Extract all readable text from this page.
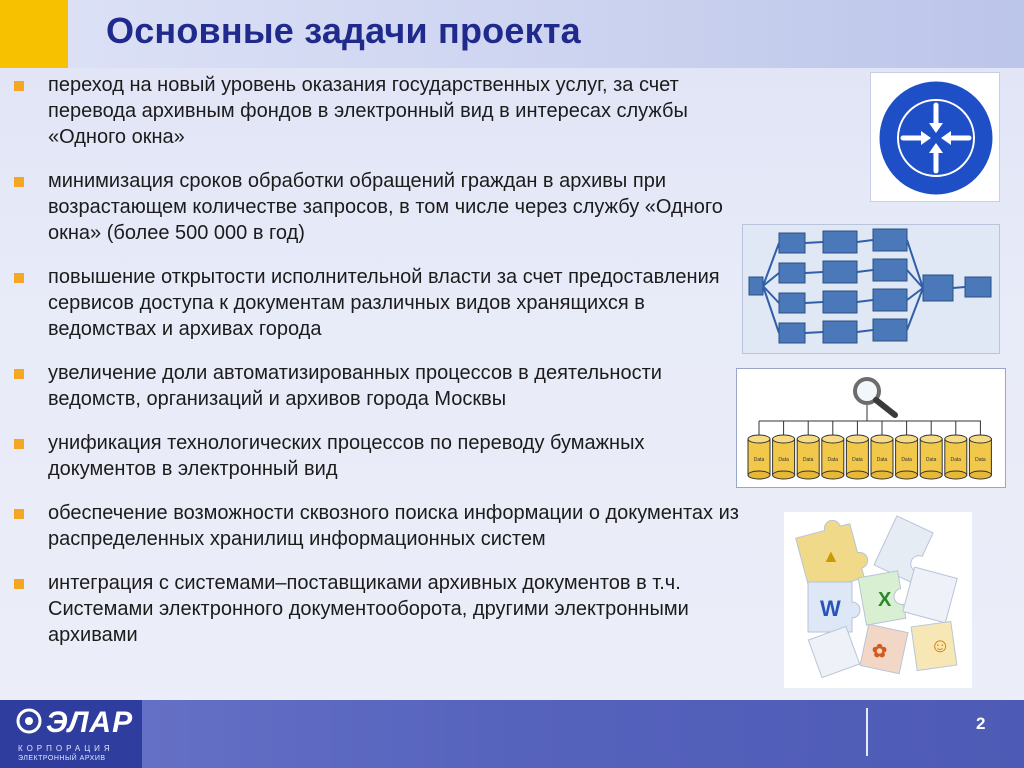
Основные задачи проекта
переход на новый уровень оказания государственных услуг, за счет перевода архивным фондов в электронный вид в интересах службы «Одного окна»
минимизация сроков обработки обращений граждан в архивы при возрастающем количестве запросов, в том числе через службу «Одного окна» (более 500 000 в год)
повышение открытости исполнительной власти за счет предоставления сервисов доступа к документам различных видов хранящихся в ведомствах и архивах города
увеличение доли автоматизированных процессов в деятельности ведомств, организаций и архивов города Москвы
унификация технологических процессов по переводу бумажных документов в электронный вид
обеспечение возможности сквозного поиска информации о документах из распределенных хранилищ информационных систем
интеграция с системами–поставщиками архивных документов в т.ч. Системами электронного документооборота, другими электронными архивами
Data	Data	Data	Data	Data	Data	Data	Data	Data	Data
W X
☺
▲
✿
ЭЛАР
КОРПОРАЦИЯ
ЭЛЕКТРОННЫЙ АРХИВ
2
